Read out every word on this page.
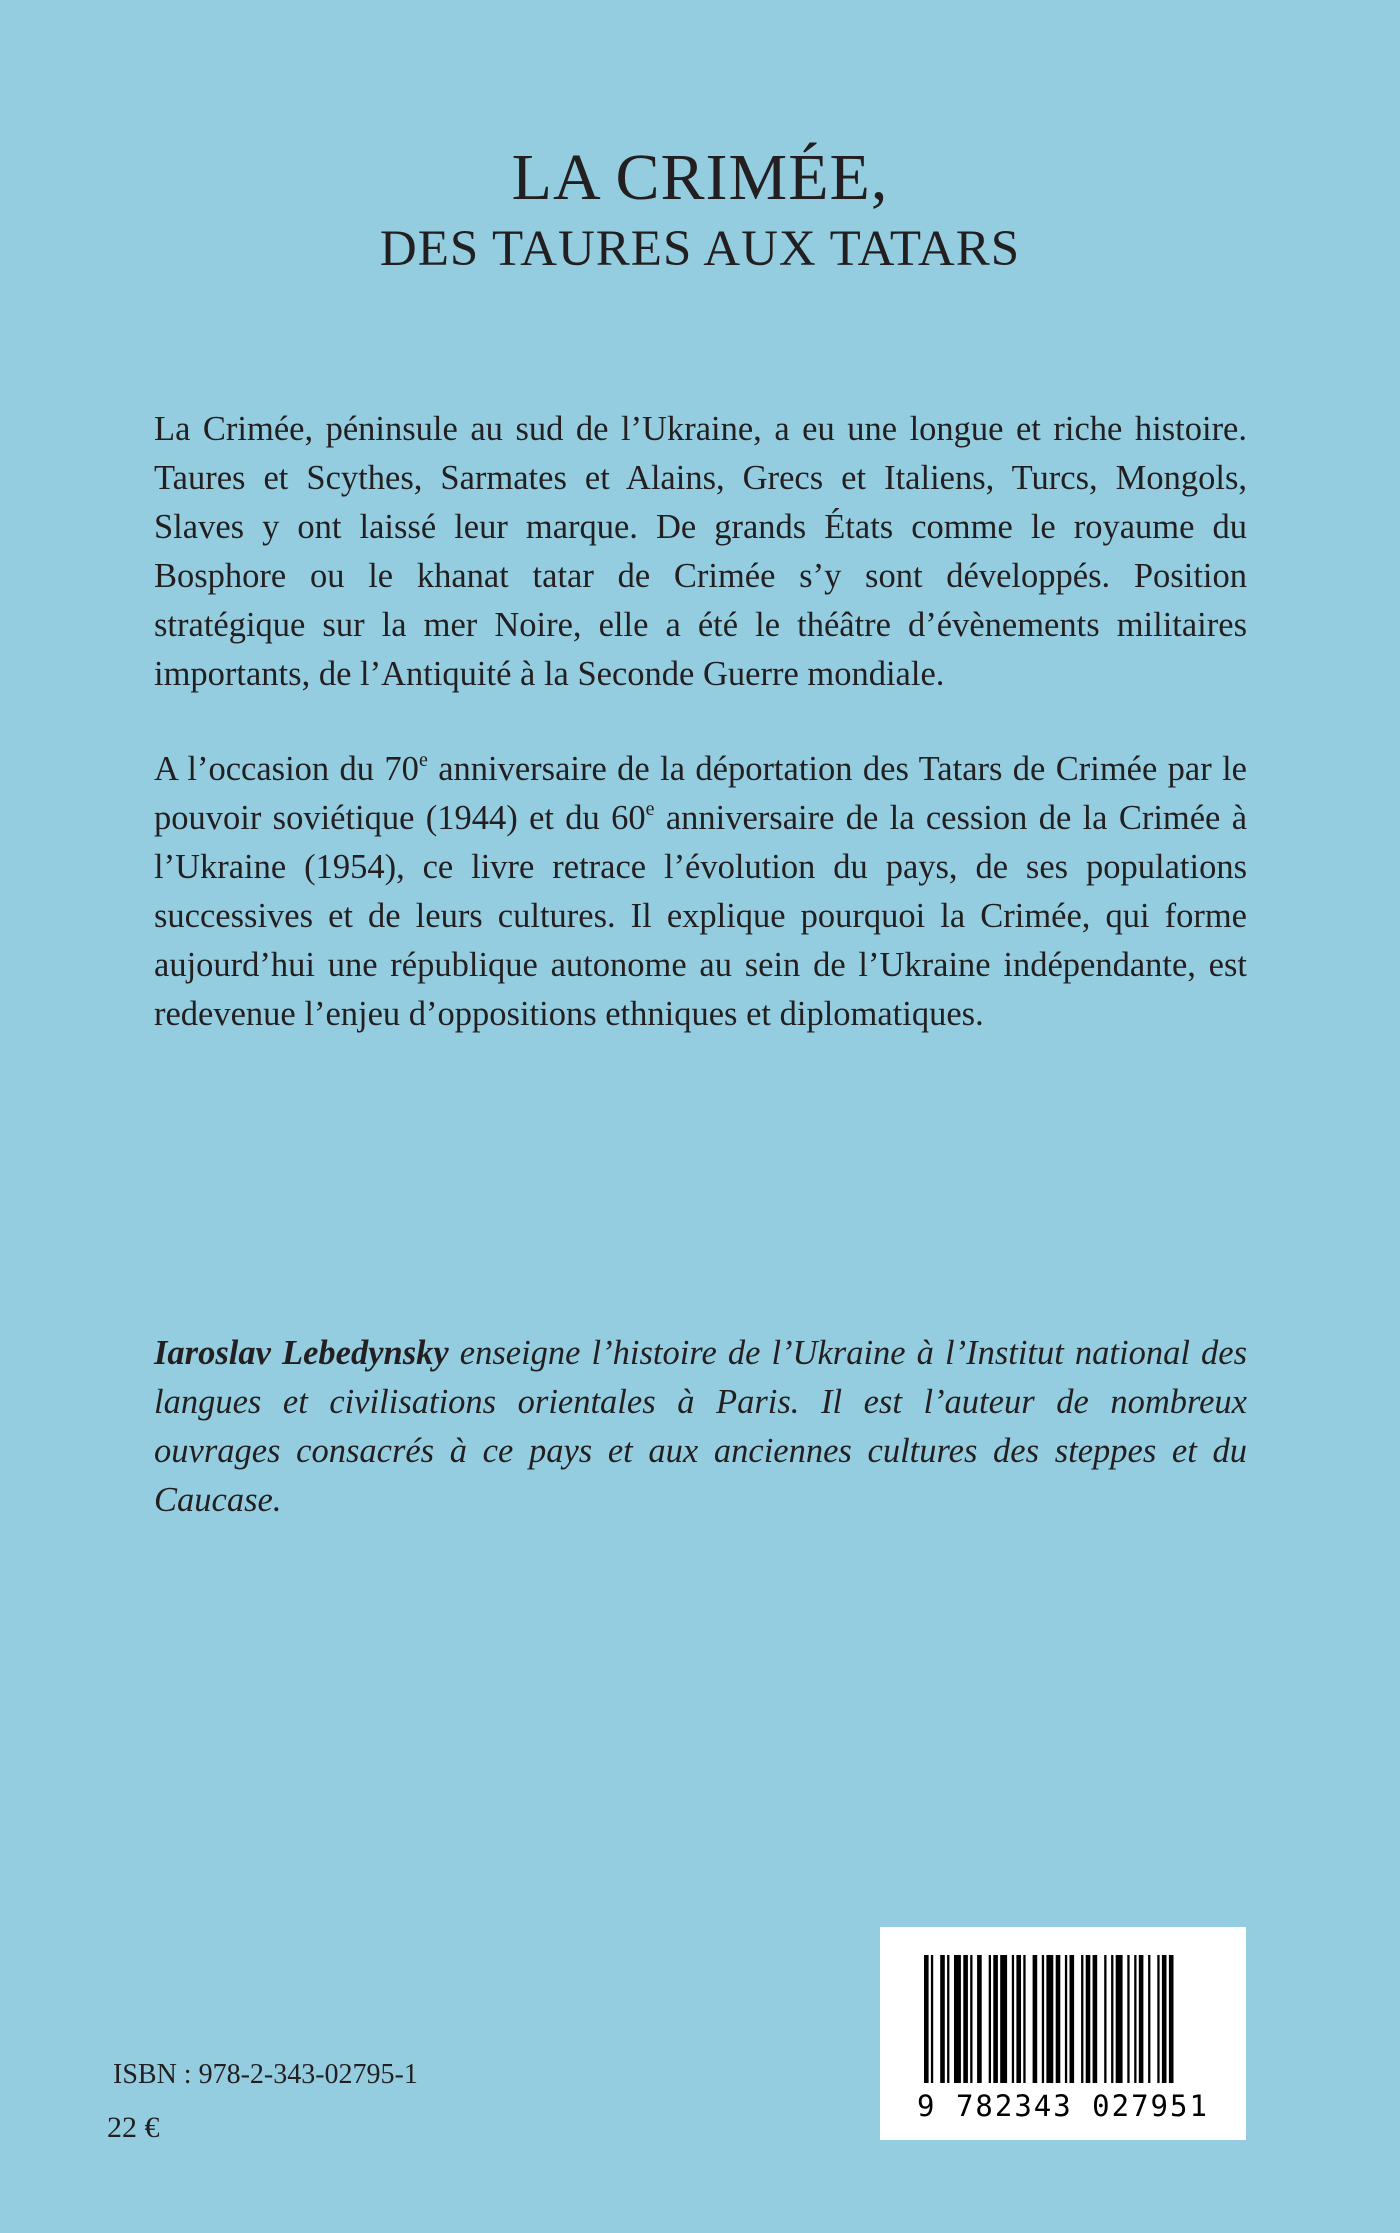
LA CRIMÉE,
DES TAURES AUX TATARS

La Crimée, péninsule au sud de l’Ukraine, a eu une longue et riche histoire. Taures et Scythes, Sarmates et Alains, Grecs et Italiens, Turcs, Mongols, Slaves y ont laissé leur marque. De grands États comme le royaume du Bosphore ou le khanat tatar de Crimée s’y sont développés. Position stratégique sur la mer Noire, elle a été le théâtre d’évènements militaires importants, de l’Antiquité à la Seconde Guerre mondiale.

A l’occasion du 70e anniversaire de la déportation des Tatars de Crimée par le pouvoir soviétique (1944) et du 60e anniversaire de la cession de la Crimée à l’Ukraine (1954), ce livre retrace l’évolution du pays, de ses populations successives et de leurs cultures. Il explique pourquoi la Crimée, qui forme aujourd’hui une république autonome au sein de l’Ukraine indépendante, est redevenue l’enjeu d’oppositions ethniques et diplomatiques.

Iaroslav Lebedynsky enseigne l’histoire de l’Ukraine à l’Institut national des langues et civilisations orientales à Paris. Il est l’auteur de nombreux ouvrages consacrés à ce pays et aux anciennes cultures des steppes et du Caucase.
ISBN : 978-2-343-02795-1
22 €
9 782343 027951
